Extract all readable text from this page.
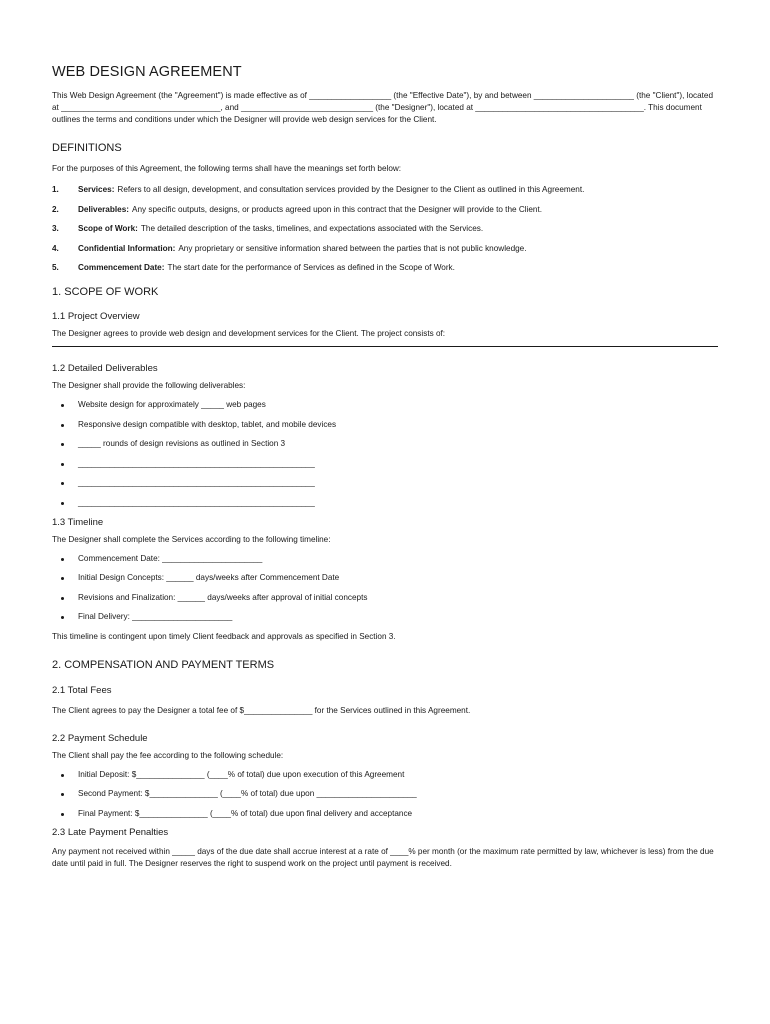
WEB DESIGN AGREEMENT

This Web Design Agreement (the "Agreement") is made effective as of __________________ (the "Effective Date"), by and between ______________________ (the "Client"), located at ___________________________________, and _____________________________ (the "Designer"), located at _____________________________________. This document outlines the terms and conditions under which the Designer will provide web design services for the Client.

DEFINITIONS

For the purposes of this Agreement, the following terms shall have the meanings set forth below:

1.	Services: Refers to all design, development, and consultation services provided by the Designer to the Client as outlined in this Agreement.
2.	Deliverables: Any specific outputs, designs, or products agreed upon in this contract that the Designer will provide to the Client.
3.	Scope of Work: The detailed description of the tasks, timelines, and expectations associated with the Services.
4.	Confidential Information: Any proprietary or sensitive information shared between the parties that is not public knowledge.
5.	Commencement Date: The start date for the performance of Services as defined in the Scope of Work.
1. SCOPE OF WORK
1.1 Project Overview

The Designer agrees to provide web design and development services for the Client. The project consists of:

1.2 Detailed Deliverables

The Designer shall provide the following deliverables:

Website design for approximately _____ web pages
Responsive design compatible with desktop, tablet, and mobile devices
_____ rounds of design revisions as outlined in Section 3
____________________________________________________
____________________________________________________
____________________________________________________
1.3 Timeline

The Designer shall complete the Services according to the following timeline:

Commencement Date: ______________________
Initial Design Concepts: ______ days/weeks after Commencement Date
Revisions and Finalization: ______ days/weeks after approval of initial concepts
Final Delivery: ______________________

This timeline is contingent upon timely Client feedback and approvals as specified in Section 3.

2. COMPENSATION AND PAYMENT TERMS
2.1 Total Fees

The Client agrees to pay the Designer a total fee of $_______________ for the Services outlined in this Agreement.

2.2 Payment Schedule

The Client shall pay the fee according to the following schedule:

Initial Deposit: $_______________ (____% of total) due upon execution of this Agreement
Second Payment: $_______________ (____% of total) due upon ______________________
Final Payment: $_______________ (____% of total) due upon final delivery and acceptance
2.3 Late Payment Penalties

Any payment not received within _____ days of the due date shall accrue interest at a rate of ____% per month (or the maximum rate permitted by law, whichever is less) from the due date until paid in full. The Designer reserves the right to suspend work on the project until payment is received.
